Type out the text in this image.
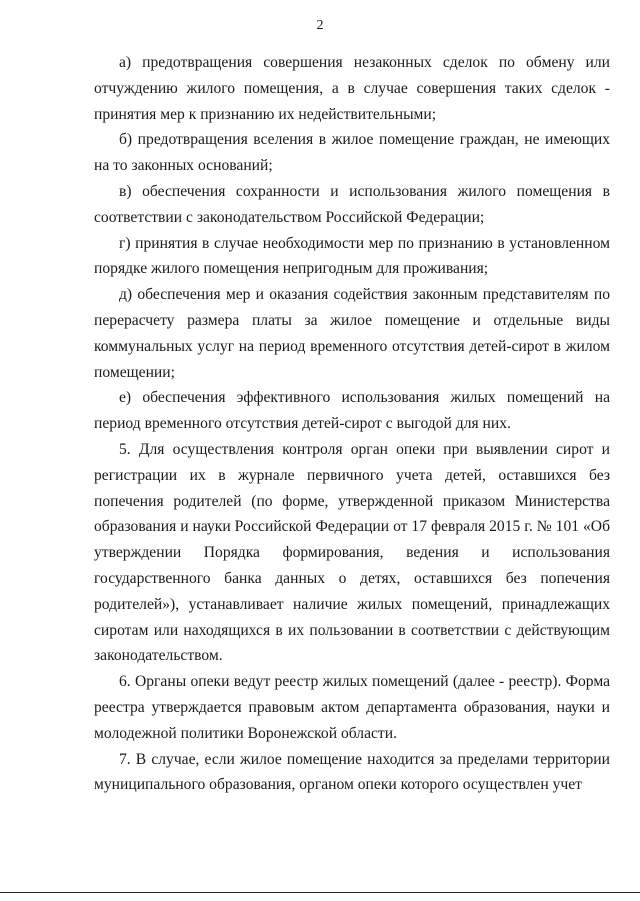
2

а) предотвращения совершения незаконных сделок по обмену или отчуждению жилого помещения, а в случае совершения таких сделок - принятия мер к признанию их недействительными;

б) предотвращения вселения в жилое помещение граждан, не имеющих на то законных оснований;

в) обеспечения сохранности и использования жилого помещения в соответствии с законодательством Российской Федерации;

г) принятия в случае необходимости мер по признанию в установленном порядке жилого помещения непригодным для проживания;

д) обеспечения мер и оказания содействия законным представителям по перерасчету размера платы за жилое помещение и отдельные виды коммунальных услуг на период временного отсутствия детей-сирот в жилом помещении;

е) обеспечения эффективного использования жилых помещений на период временного отсутствия детей-сирот с выгодой для них.

5. Для осуществления контроля орган опеки при выявлении сирот и регистрации их в журнале первичного учета детей, оставшихся без попечения родителей (по форме, утвержденной приказом Министерства образования и науки Российской Федерации от 17 февраля 2015 г. № 101 «Об утверждении Порядка формирования, ведения и использования государственного банка данных о детях, оставшихся без попечения родителей»), устанавливает наличие жилых помещений, принадлежащих сиротам или находящихся в их пользовании в соответствии с действующим законодательством.

6. Органы опеки ведут реестр жилых помещений (далее - реестр). Форма реестра утверждается правовым актом департамента образования, науки и молодежной политики Воронежской области.

7. В случае, если жилое помещение находится за пределами территории муниципального образования, органом опеки которого осуществлен учет
